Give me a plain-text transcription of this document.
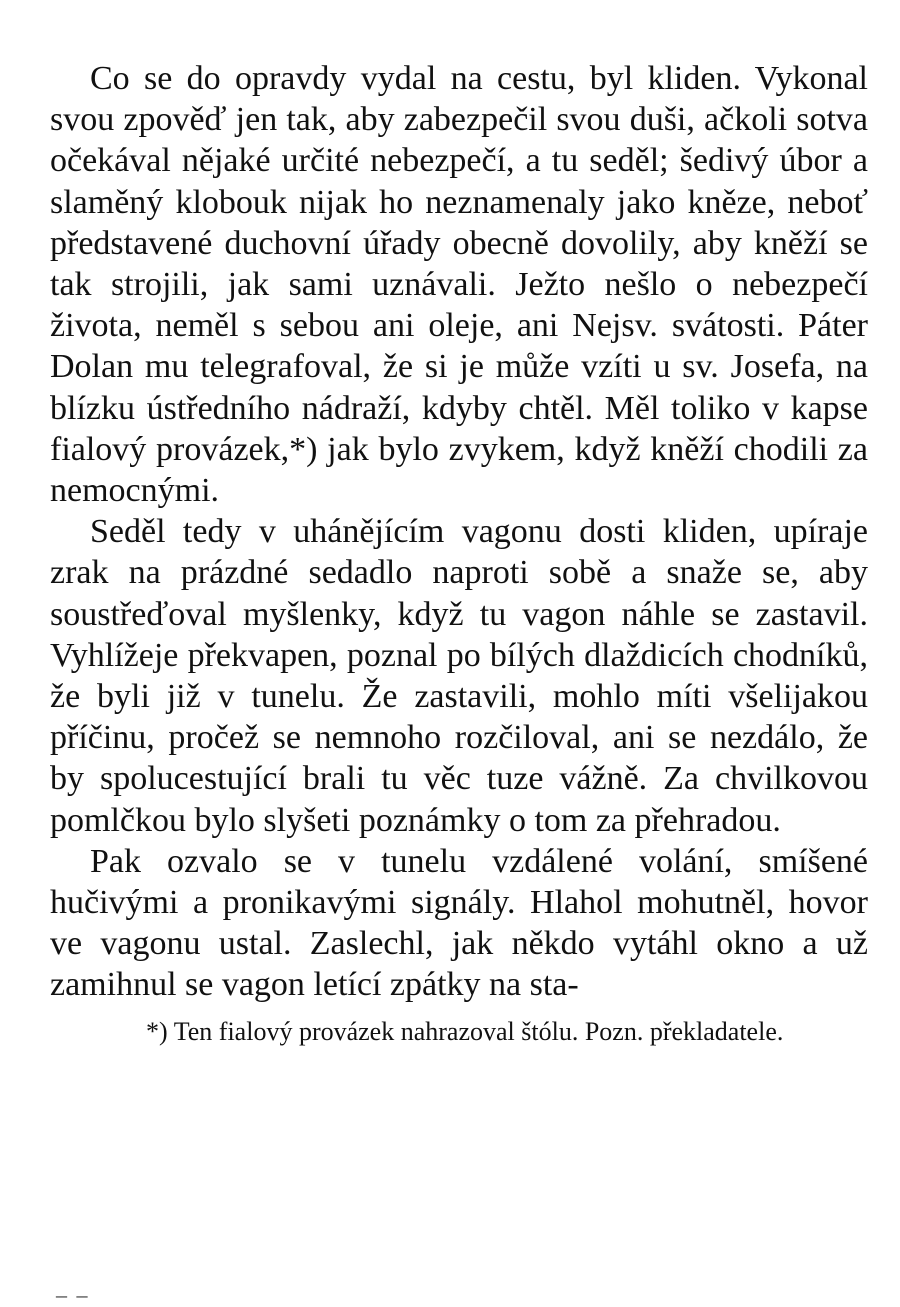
Co se do opravdy vydal na cestu, byl kliden. Vykonal svou zpověď jen tak, aby zabezpečil svou duši, ačkoli sotva očekával nějaké určité nebezpečí, a tu seděl; šedivý úbor a slaměný klobouk nijak ho neznamenaly jako kněze, neboť představené duchovní úřady obecně dovolily, aby kněží se tak strojili, jak sami uznávali. Ježto nešlo o nebezpečí života, neměl s sebou ani oleje, ani Nejsv. svátosti. Páter Dolan mu telegrafoval, že si je může vzíti u sv. Josefa, na blízku ústředního nádraží, kdyby chtěl. Měl toliko v kapse fialový provázek,*) jak bylo zvykem, když kněží chodili za nemocnými.

Seděl tedy v uhánějícím vagonu dosti kliden, upíraje zrak na prázdné sedadlo naproti sobě a snaže se, aby soustřeďoval myšlenky, když tu vagon náhle se zastavil. Vyhlížeje překvapen, poznal po bílých dlaždicích chodníků, že byli již v tunelu. Že zastavili, mohlo míti všelijakou příčinu, pročež se nemnoho rozčiloval, ani se nezdálo, že by spolucestující brali tu věc tuze vážně. Za chvilkovou pomlčkou bylo slyšeti poznámky o tom za přehradou.

Pak ozvalo se v tunelu vzdálené volání, smíšené hučivými a pronikavými signály. Hlahol mohutněl, hovor ve vagonu ustal. Zaslechl, jak někdo vytáhl okno a už zamihnul se vagon letící zpátky na sta-

*) Ten fialový provázek nahrazoval štólu. Pozn. překladatele.

– –
